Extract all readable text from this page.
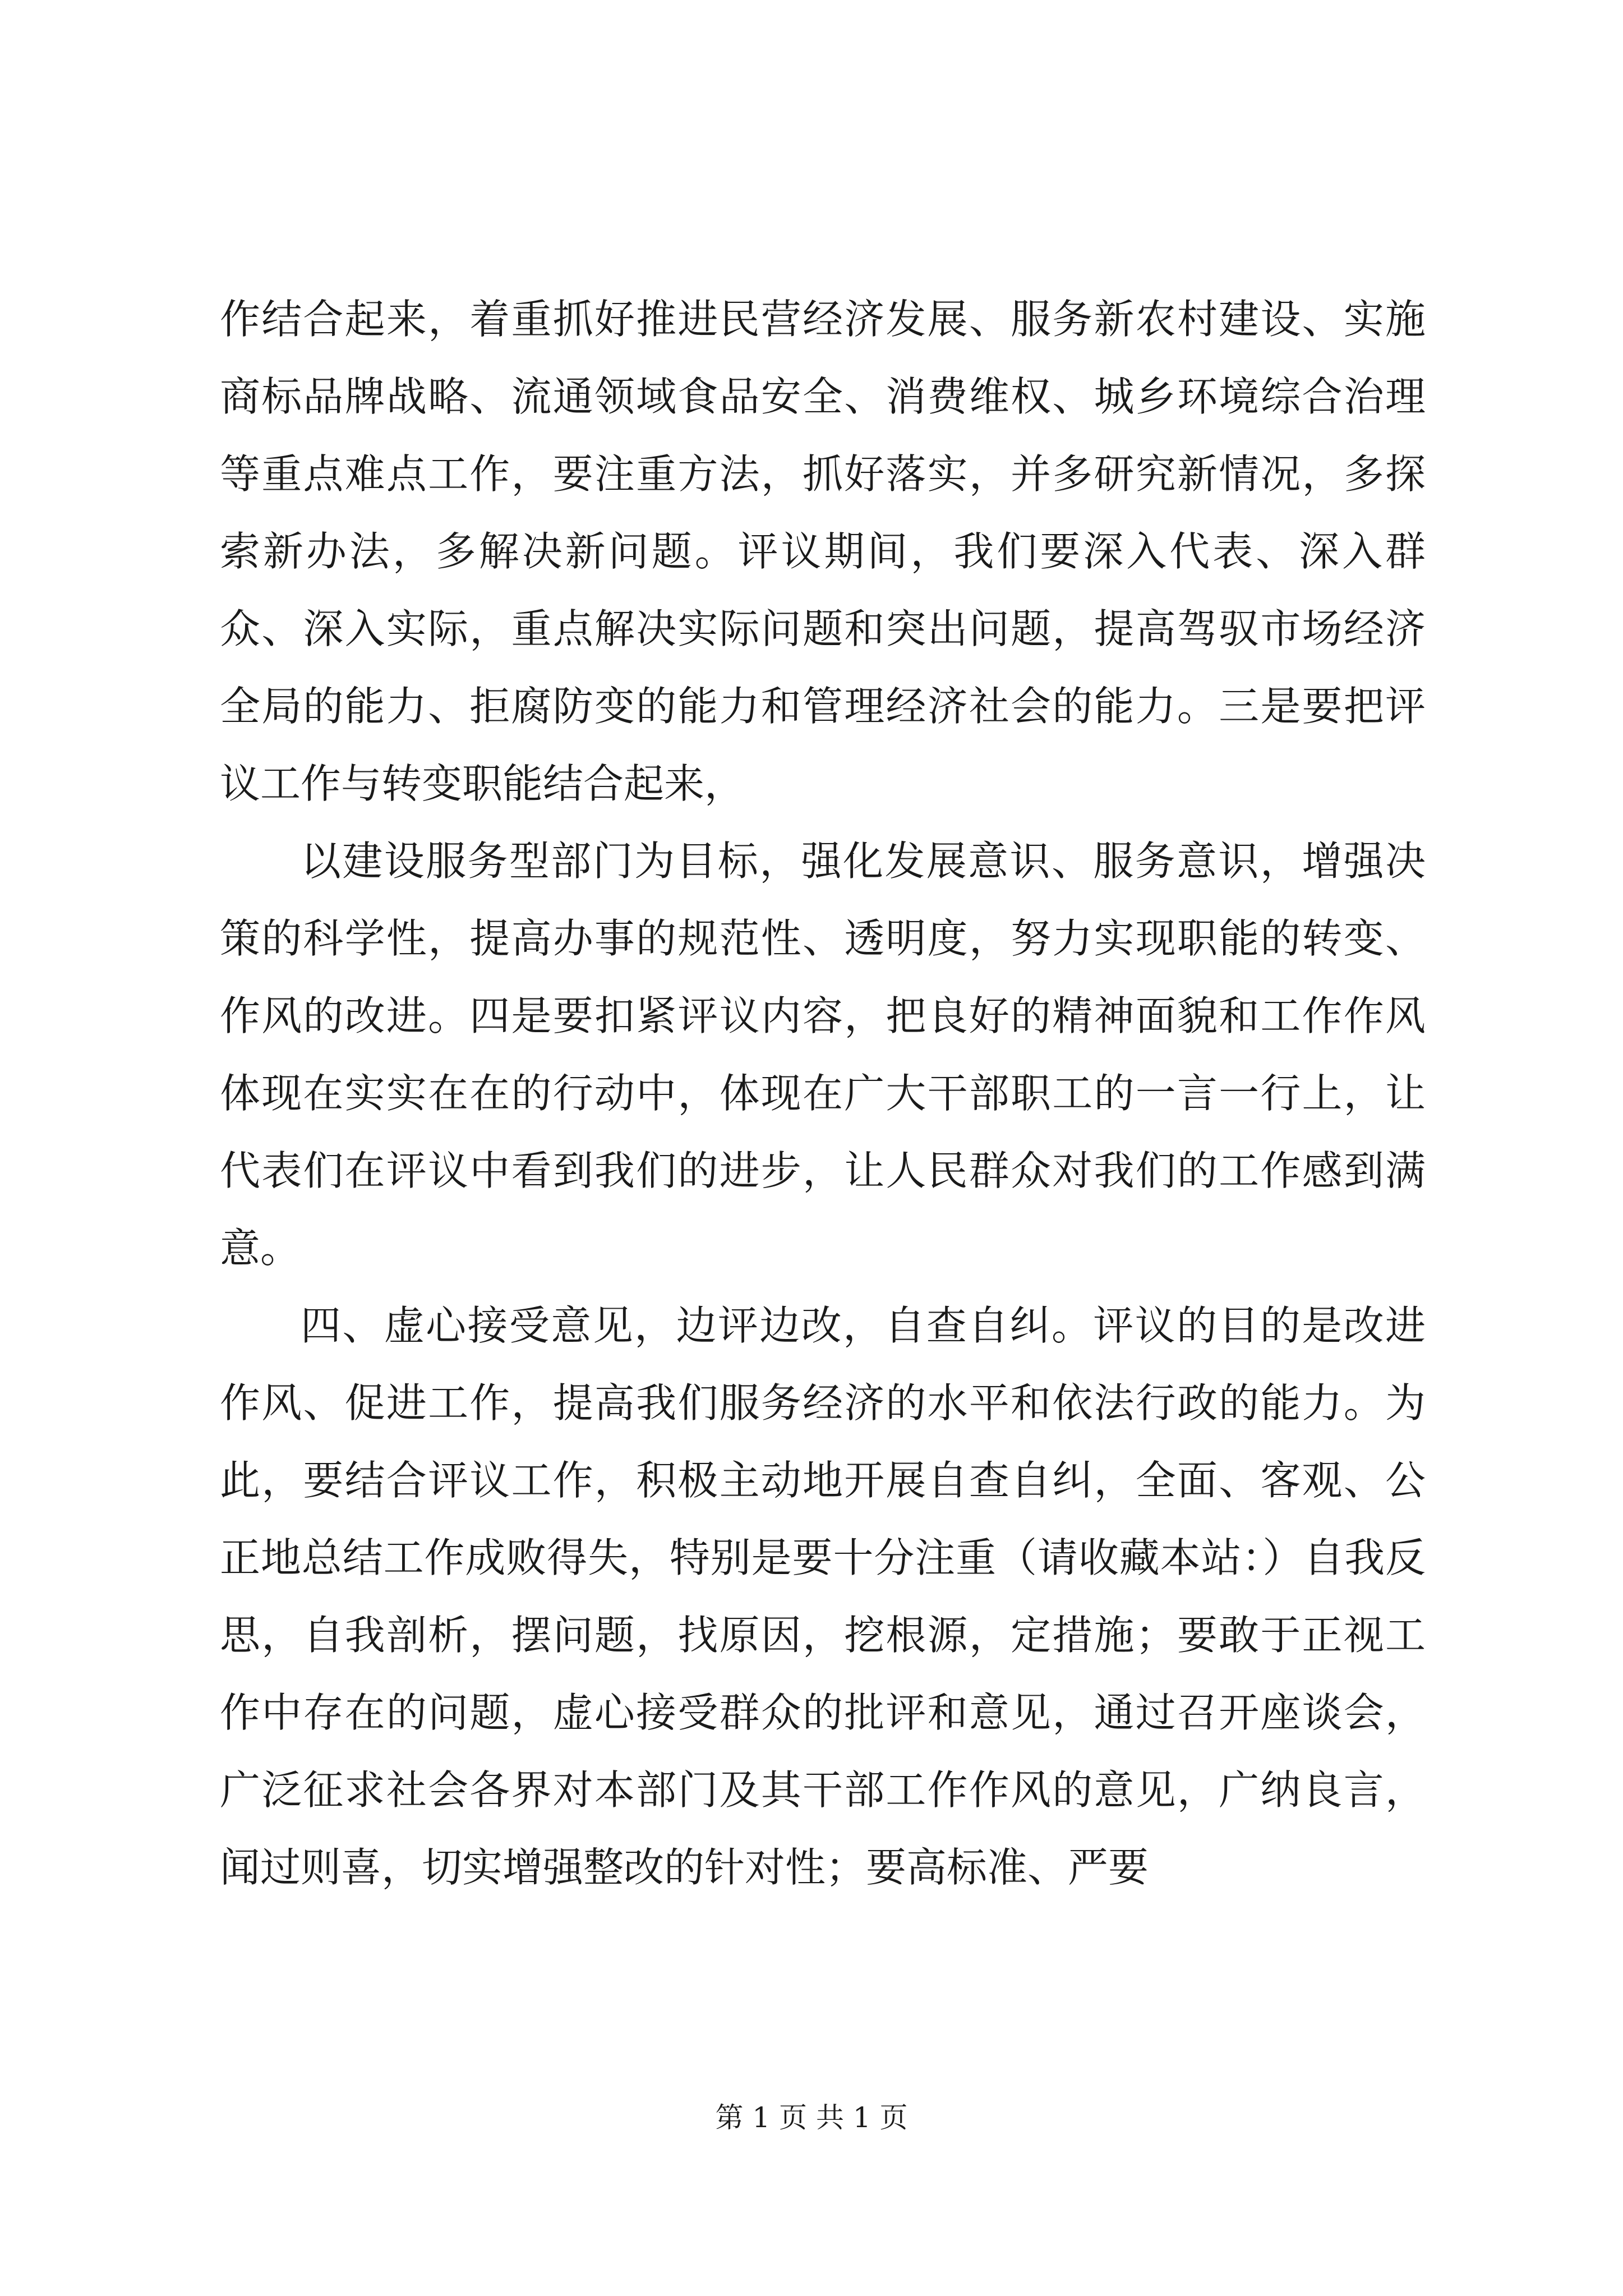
作结合起来，着重抓好推进民营经济发展、服务新农村建设、实施商标品牌战略、流通领域食品安全、消费维权、城乡环境综合治理等重点难点工作，要注重方法，抓好落实，并多研究新情况，多探索新办法，多解决新问题。评议期间，我们要深入代表、深入群众、深入实际，重点解决实际问题和突出问题，提高驾驭市场经济全局的能力、拒腐防变的能力和管理经济社会的能力。三是要把评议工作与转变职能结合起来，

以建设服务型部门为目标，强化发展意识、服务意识，增强决策的科学性，提高办事的规范性、透明度，努力实现职能的转变、作风的改进。四是要扣紧评议内容，把良好的精神面貌和工作作风体现在实实在在的行动中，体现在广大干部职工的一言一行上，让代表们在评议中看到我们的进步，让人民群众对我们的工作感到满意。

四、虚心接受意见，边评边改，自查自纠。评议的目的是改进作风、促进工作，提高我们服务经济的水平和依法行政的能力。为此，要结合评议工作，积极主动地开展自查自纠，全面、客观、公正地总结工作成败得失，特别是要十分注重（请收藏本站：）自我反思，自我剖析，摆问题，找原因，挖根源，定措施；要敢于正视工作中存在的问题，虚心接受群众的批评和意见，通过召开座谈会，广泛征求社会各界对本部门及其干部工作作风的意见，广纳良言，闻过则喜，切实增强整改的针对性；要高标准、严要

第 1 页 共 1 页
